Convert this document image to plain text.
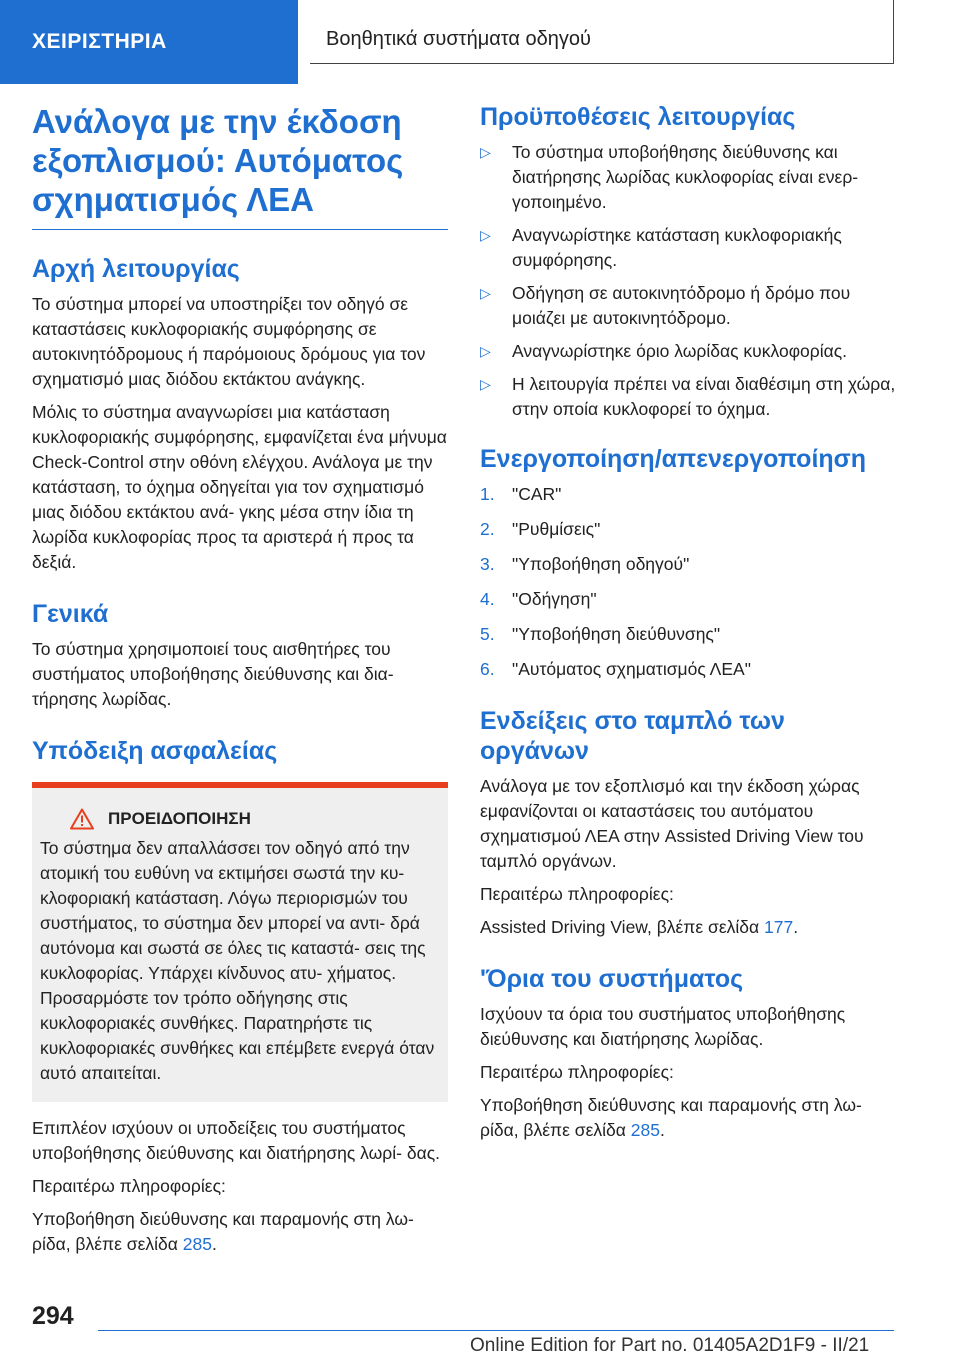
ΧΕΙΡΙΣΤΗΡΙΑ	Βοηθητικά συστήματα οδηγού
Ανάλογα με την έκδοση εξοπλισμού: Αυτόματος σχηματισμός ΛΕΑ
Αρχή λειτουργίας

Το σύστημα μπορεί να υποστηρίξει τον οδηγό σε καταστάσεις κυκλοφοριακής συμφόρησης σε αυτοκινητόδρομους ή παρόμοιους δρόμους για τον σχηματισμό μιας διόδου εκτάκτου ανάγκης.

Μόλις το σύστημα αναγνωρίσει μια κατάσταση κυκλοφοριακής συμφόρησης, εμφανίζεται ένα μήνυμα Check-Control στην οθόνη ελέγχου. Ανάλογα με την κατάσταση, το όχημα οδηγείται για τον σχηματισμό μιας διόδου εκτάκτου ανά- γκης μέσα στην ίδια τη λωρίδα κυκλοφορίας προς τα αριστερά ή προς τα δεξιά.

Γενικά

Το σύστημα χρησιμοποιεί τους αισθητήρες του συστήματος υποβοήθησης διεύθυνσης και δια- τήρησης λωρίδας.

Υπόδειξη ασφαλείας
ΠΡΟΕΙΔΟΠΟΙΗΣΗ

Το σύστημα δεν απαλλάσσει τον οδηγό από την ατομική του ευθύνη να εκτιμήσει σωστά την κυ- κλοφοριακή κατάσταση. Λόγω περιορισμών του συστήματος, το σύστημα δεν μπορεί να αντι- δρά αυτόνομα και σωστά σε όλες τις καταστά- σεις της κυκλοφορίας. Υπάρχει κίνδυνος ατυ- χήματος. Προσαρμόστε τον τρόπο οδήγησης στις κυκλοφοριακές συνθήκες. Παρατηρήστε τις κυκλοφοριακές συνθήκες και επέμβετε ενεργά όταν αυτό απαιτείται.

Επιπλέον ισχύουν οι υποδείξεις του συστήματος υποβοήθησης διεύθυνσης και διατήρησης λωρί- δας.

Περαιτέρω πληροφορίες:

Υποβοήθηση διεύθυνσης και παραμονής στη λω- ρίδα, βλέπε σελίδα 285.

Προϋποθέσεις λειτουργίας
▷	Το σύστημα υποβοήθησης διεύθυνσης και διατήρησης λωρίδας κυκλοφορίας είναι ενερ- γοποιημένο.

▷	Αναγνωρίστηκε κατάσταση κυκλοφοριακής συμφόρησης.

▷	Οδήγηση σε αυτοκινητόδρομο ή δρόμο που μοιάζει με αυτοκινητόδρομο.

▷	Αναγνωρίστηκε όριο λωρίδας κυκλοφορίας.

▷	Η λειτουργία πρέπει να είναι διαθέσιμη στη χώρα, στην οποία κυκλοφορεί το όχημα.

Ενεργοποίηση/απενεργοποίηση
1. "CAR"

2. "Ρυθμίσεις"

3. "Υποβοήθηση οδηγού"

4. "Οδήγηση"

5. "Υποβοήθηση διεύθυνσης"

6. "Αυτόματος σχηματισμός ΛΕΑ"

Ενδείξεις στο ταμπλό των οργάνων

Ανάλογα με τον εξοπλισμό και την έκδοση χώρας εμφανίζονται οι καταστάσεις του αυτόματου σχηματισμού ΛΕΑ στην Assisted Driving View του ταμπλό οργάνων.

Περαιτέρω πληροφορίες:

Assisted Driving View, βλέπε σελίδα 177.

'Όρια του συστήματος

Ισχύουν τα όρια του συστήματος υποβοήθησης διεύθυνσης και διατήρησης λωρίδας.

Περαιτέρω πληροφορίες:

Υποβοήθηση διεύθυνσης και παραμονής στη λω- ρίδα, βλέπε σελίδα 285.

294
Online Edition for Part no. 01405A2D1F9 - II/21
